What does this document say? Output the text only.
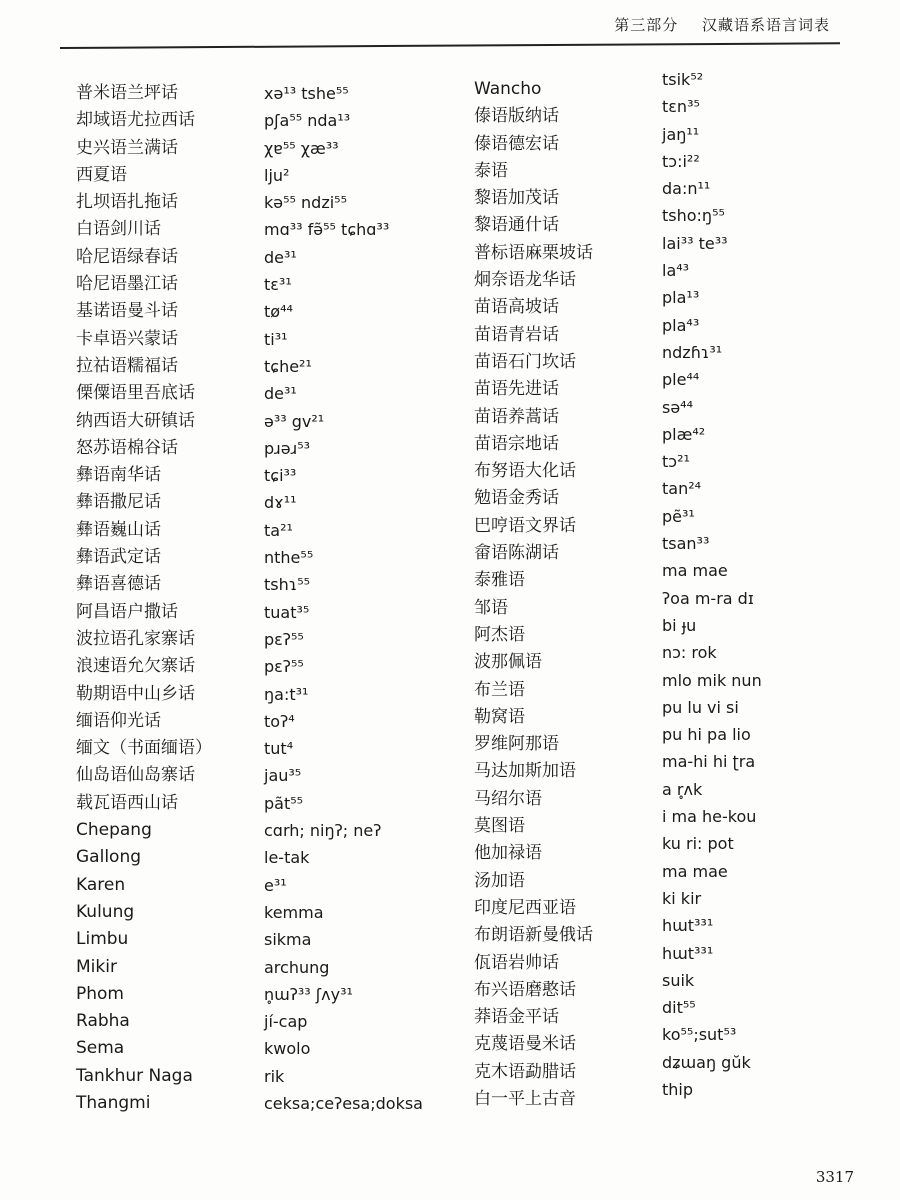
第三部分 汉藏语系语言词表
普米语兰坪话
却域语尤拉西话
史兴语兰满话
西夏语
扎坝语扎拖话
白语剑川话
哈尼语绿春话
哈尼语墨江话
基诺语曼斗话
卡卓语兴蒙话
拉祜语糯福话
傈僳语里吾底话
纳西语大研镇话
怒苏语棉谷话
彝语南华话
彝语撒尼话
彝语巍山话
彝语武定话
彝语喜德话
阿昌语户撒话
波拉语孔家寨话
浪速语允欠寨话
勒期语中山乡话
缅语仰光话
缅文（书面缅语）
仙岛语仙岛寨话
载瓦语西山话
Chepang
Gallong
Karen
Kulung
Limbu
Mikir
Phom
Rabha
Sema
Tankhur Naga
Thangmi
xə¹³ tshe⁵⁵
pʃa⁵⁵ nda¹³
χɐ⁵⁵ χæ³³
lju²
kə⁵⁵ ndzi⁵⁵
mɑ³³ fə̃⁵⁵ tɕhɑ³³
de³¹
tɛ³¹
tø⁴⁴
ti³¹
tɕhe²¹
de³¹
ə³³ gv²¹
pɹəɹ⁵³
tɕi³³
dɤ¹¹
ta²¹
nthe⁵⁵
tshɿ⁵⁵
tuat³⁵
pɛʔ⁵⁵
pɛʔ⁵⁵
ŋa:t³¹
toʔ⁴
tut⁴
jau³⁵
pãt⁵⁵
cɑrh; niŋʔ; neʔ
le-tak
e³¹
kemma
sikma
archung
n̥ɯʔ³³ ʃʌy³¹
jí-cap
kwolo
rik
ceksa;ceʔesa;doksa
Wancho
傣语版纳话
傣语德宏话
泰语
黎语加茂话
黎语通什话
普标语麻栗坡话
炯奈语龙华话
苗语高坡话
苗语青岩话
苗语石门坎话
苗语先进话
苗语养蒿话
苗语宗地话
布努语大化话
勉语金秀话
巴哼语文界话
畲语陈湖话
泰雅语
邹语
阿杰语
波那佩语
布兰语
勒窝语
罗维阿那语
马达加斯加语
马绍尔语
莫图语
他加禄语
汤加语
印度尼西亚语
布朗语新曼俄话
佤语岩帅话
布兴语磨憨话
莽语金平话
克蔑语曼米话
克木语勐腊话
白一平上古音
tsik⁵²
tɛn³⁵
jaŋ¹¹
tɔ:i²²
da:n¹¹
tsho:ŋ⁵⁵
lai³³ te³³
la⁴³
pla¹³
pla⁴³
ndzɦɿ³¹
ple⁴⁴
sə⁴⁴
plæ⁴²
tɔ²¹
tan²⁴
pẽ³¹
tsan³³
ma mae
ʔoa m-ra dɪ
bi ɟu
nɔ: rok
mlo mik nun
pu lu vi si
pu hi pa lio
ma-hi hi ʈra
a r̥ʌk
i ma he-kou
ku ri: pot
ma mae
ki kir
hɯt³³¹
hɯt³³¹
suik
dit⁵⁵
ko⁵⁵;sut⁵³
dʑɯaŋ gŭk
thip
3317
